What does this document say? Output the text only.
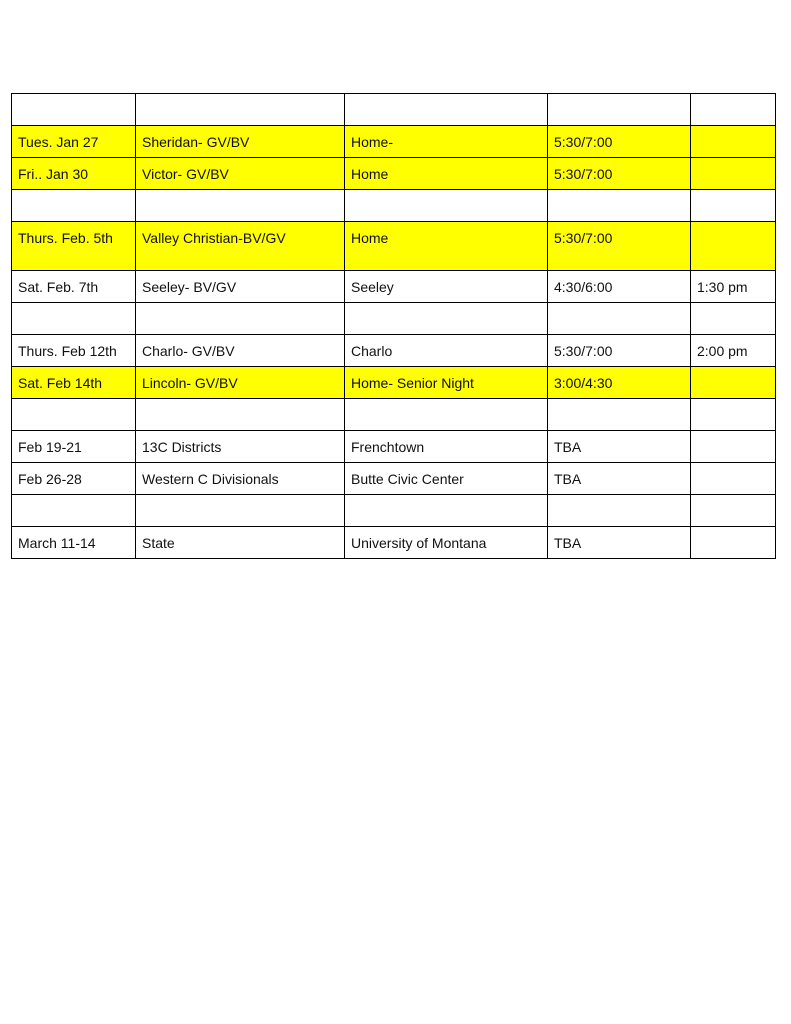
Tues. Jan 27	Sheridan- GV/BV	Home-	5:30/7:00	
Fri.. Jan 30	Victor- GV/BV	Home	5:30/7:00	

Thurs. Feb. 5th	Valley Christian-BV/GV	Home	5:30/7:00	
Sat. Feb. 7th	Seeley- BV/GV	Seeley	4:30/6:00	1:30 pm

Thurs. Feb 12th	Charlo- GV/BV	Charlo	5:30/7:00	2:00 pm
Sat. Feb 14th	Lincoln- GV/BV	Home- Senior Night	3:00/4:30	

Feb 19-21	13C Districts	Frenchtown	TBA	
Feb 26-28	Western C Divisionals	Butte Civic Center	TBA	

March 11-14	State	University of Montana	TBA	
